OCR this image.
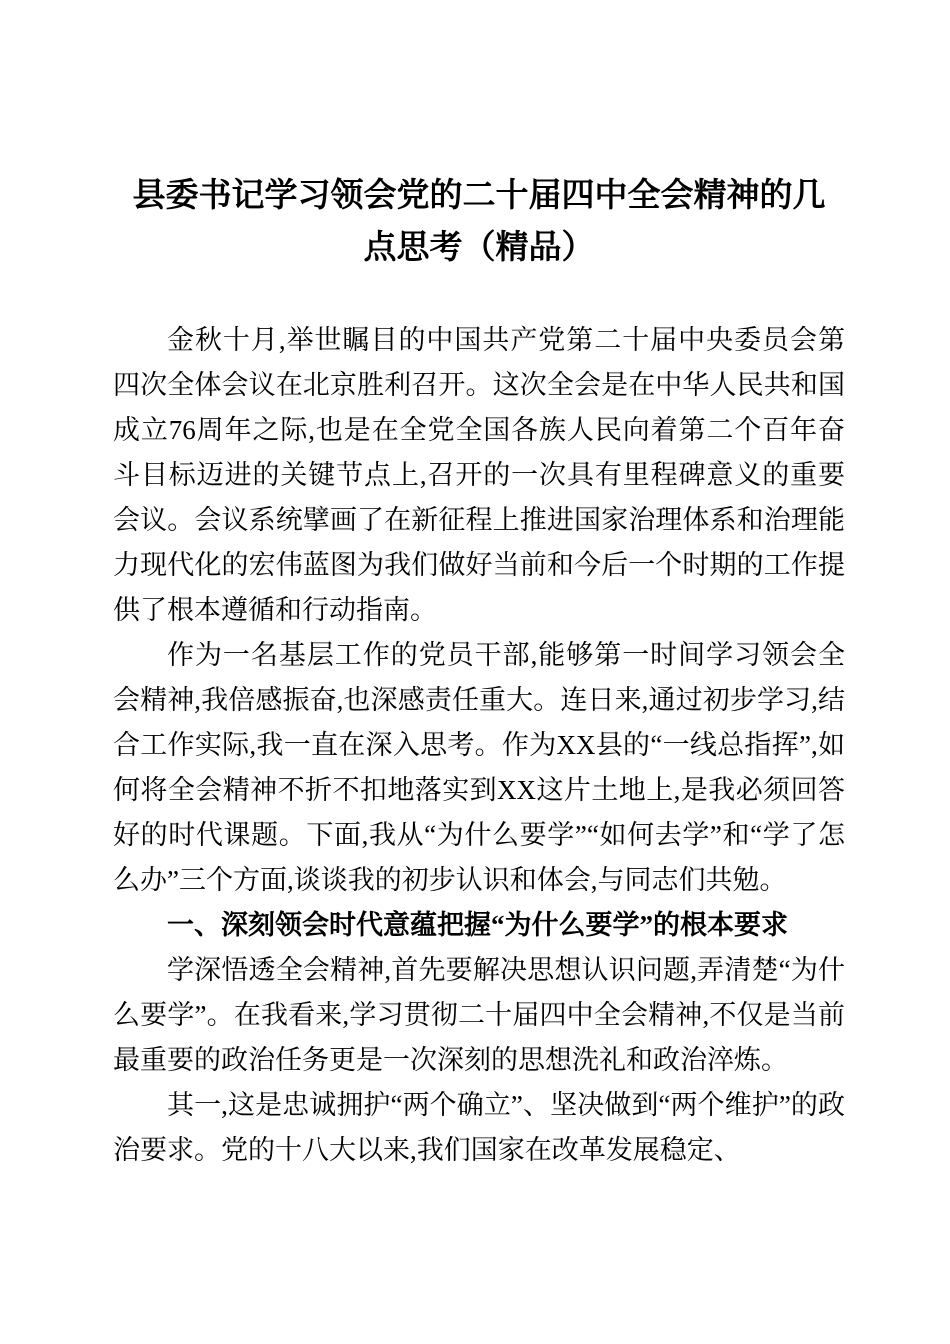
县委书记学习领会党的二十届四中全会精神的几点思考（精品）

金秋十月,举世瞩目的中国共产党第二十届中央委员会第四次全体会议在北京胜利召开。这次全会是在中华人民共和国成立76周年之际,也是在全党全国各族人民向着第二个百年奋斗目标迈进的关键节点上,召开的一次具有里程碑意义的重要会议。会议系统擘画了在新征程上推进国家治理体系和治理能力现代化的宏伟蓝图为我们做好当前和今后一个时期的工作提供了根本遵循和行动指南。

作为一名基层工作的党员干部,能够第一时间学习领会全会精神,我倍感振奋,也深感责任重大。连日来,通过初步学习,结合工作实际,我一直在深入思考。作为XX县的“一线总指挥”,如何将全会精神不折不扣地落实到XX这片土地上,是我必须回答好的时代课题。下面,我从“为什么要学”“如何去学”和“学了怎么办”三个方面,谈谈我的初步认识和体会,与同志们共勉。

一、深刻领会时代意蕴把握“为什么要学”的根本要求

学深悟透全会精神,首先要解决思想认识问题,弄清楚“为什么要学”。在我看来,学习贯彻二十届四中全会精神,不仅是当前最重要的政治任务更是一次深刻的思想洗礼和政治淬炼。

其一,这是忠诚拥护“两个确立”、坚决做到“两个维护”的政治要求。党的十八大以来,我们国家在改革发展稳定、
